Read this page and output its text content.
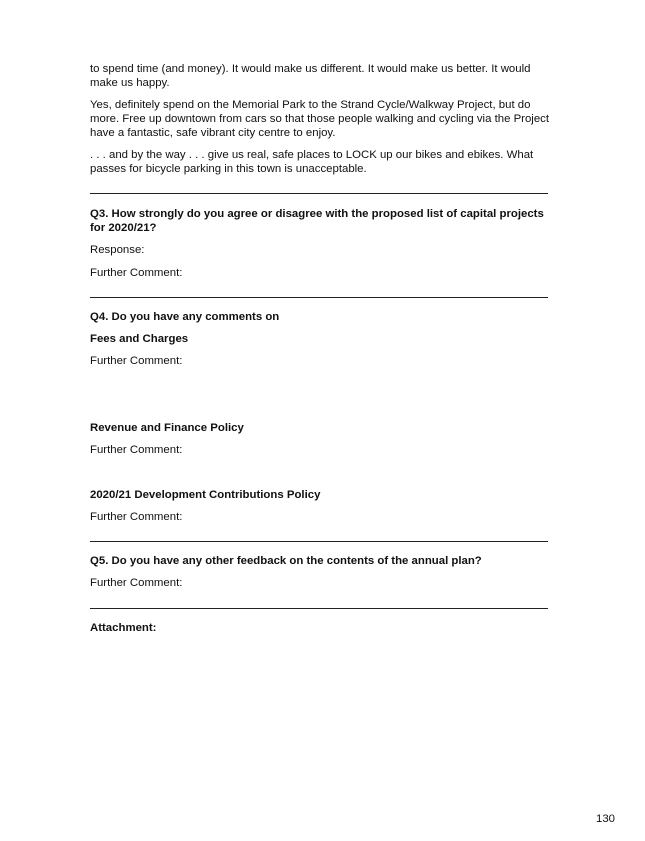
to spend time (and money). It would make us different. It would make us better. It would make us happy.

Yes, definitely spend on the Memorial Park to the Strand Cycle/Walkway Project, but do more. Free up downtown from cars so that those people walking and cycling via the Project have a fantastic, safe vibrant city centre to enjoy.

. . . and by the way . . . give us real, safe places to LOCK up our bikes and ebikes. What passes for bicycle parking in this town is unacceptable.

Q3. How strongly do you agree or disagree with the proposed list of capital projects for 2020/21?

Response:

Further Comment:

Q4. Do you have any comments on

Fees and Charges

Further Comment:

Revenue and Finance Policy

Further Comment:

2020/21 Development Contributions Policy

Further Comment:

Q5. Do you have any other feedback on the contents of the annual plan?

Further Comment:

Attachment:

130
